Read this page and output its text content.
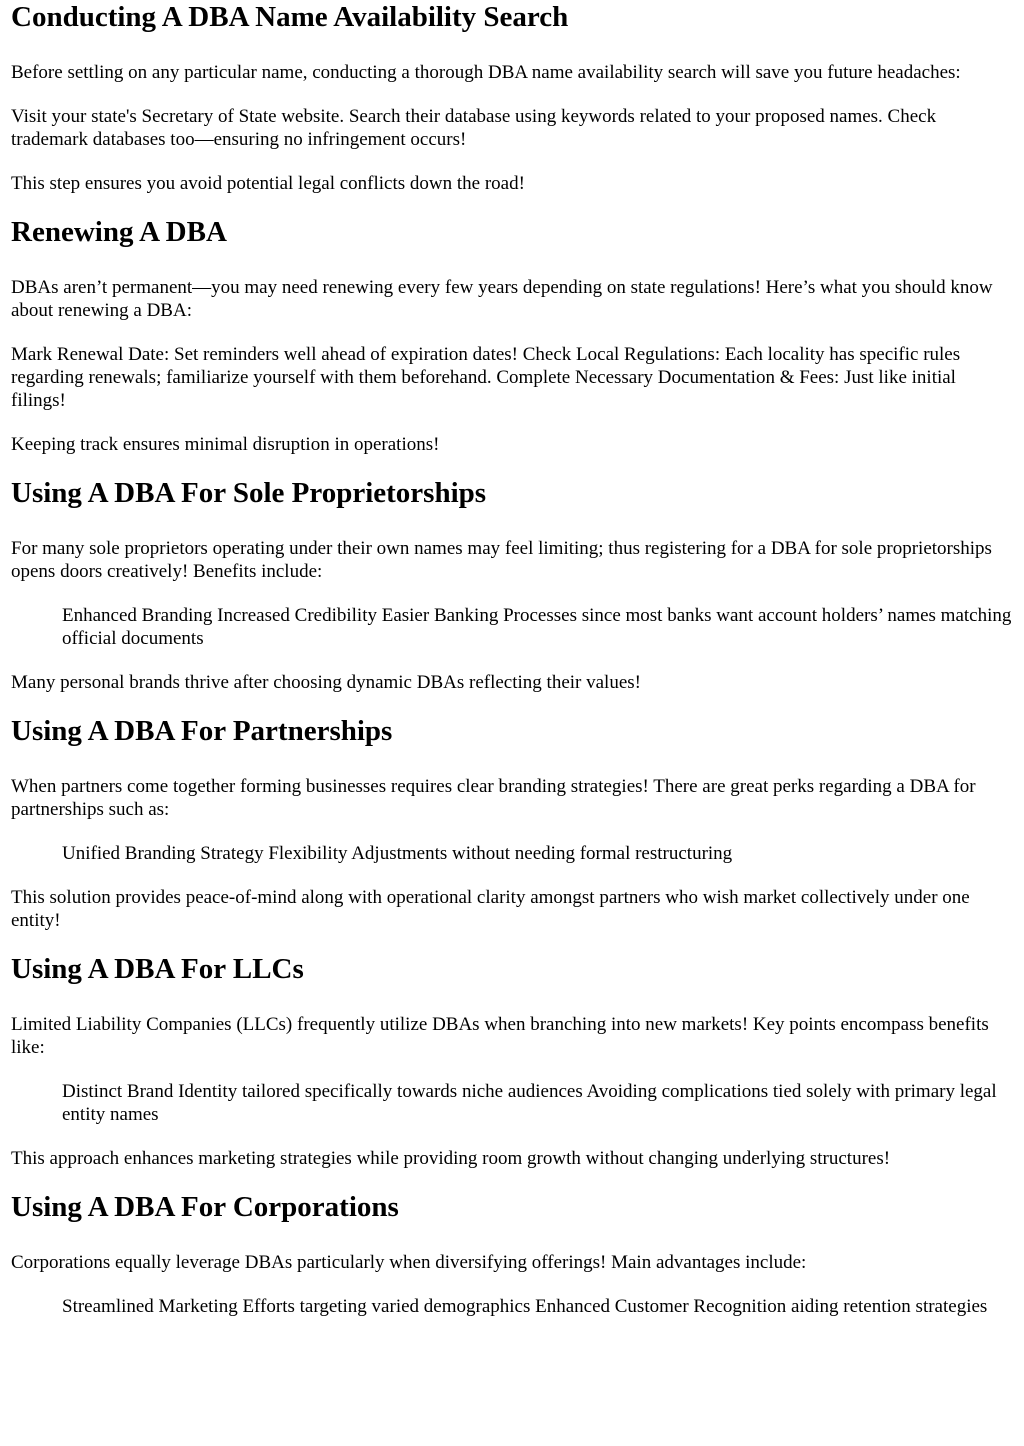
Conducting A DBA Name Availability Search

Before settling on any particular name, conducting a thorough DBA name availability search will save you future headaches:

Visit your state's Secretary of State website. Search their database using keywords related to your proposed names. Check trademark databases too—ensuring no infringement occurs!

This step ensures you avoid potential legal conflicts down the road!

Renewing A DBA

DBAs aren’t permanent—you may need renewing every few years depending on state regulations! Here’s what you should know about renewing a DBA:

Mark Renewal Date: Set reminders well ahead of expiration dates! Check Local Regulations: Each locality has specific rules regarding renewals; familiarize yourself with them beforehand. Complete Necessary Documentation & Fees: Just like initial filings!

Keeping track ensures minimal disruption in operations!

Using A DBA For Sole Proprietorships

For many sole proprietors operating under their own names may feel limiting; thus registering for a DBA for sole proprietorships opens doors creatively! Benefits include:

Enhanced Branding Increased Credibility Easier Banking Processes since most banks want account holders’ names matching official documents

Many personal brands thrive after choosing dynamic DBAs reflecting their values!

Using A DBA For Partnerships

When partners come together forming businesses requires clear branding strategies! There are great perks regarding a DBA for partnerships such as:

Unified Branding Strategy Flexibility Adjustments without needing formal restructuring

This solution provides peace-of-mind along with operational clarity amongst partners who wish market collectively under one entity!

Using A DBA For LLCs

Limited Liability Companies (LLCs) frequently utilize DBAs when branching into new markets! Key points encompass benefits like:

Distinct Brand Identity tailored specifically towards niche audiences Avoiding complications tied solely with primary legal entity names

This approach enhances marketing strategies while providing room growth without changing underlying structures!

Using A DBA For Corporations

Corporations equally leverage DBAs particularly when diversifying offerings! Main advantages include:

Streamlined Marketing Efforts targeting varied demographics Enhanced Customer Recognition aiding retention strategies
